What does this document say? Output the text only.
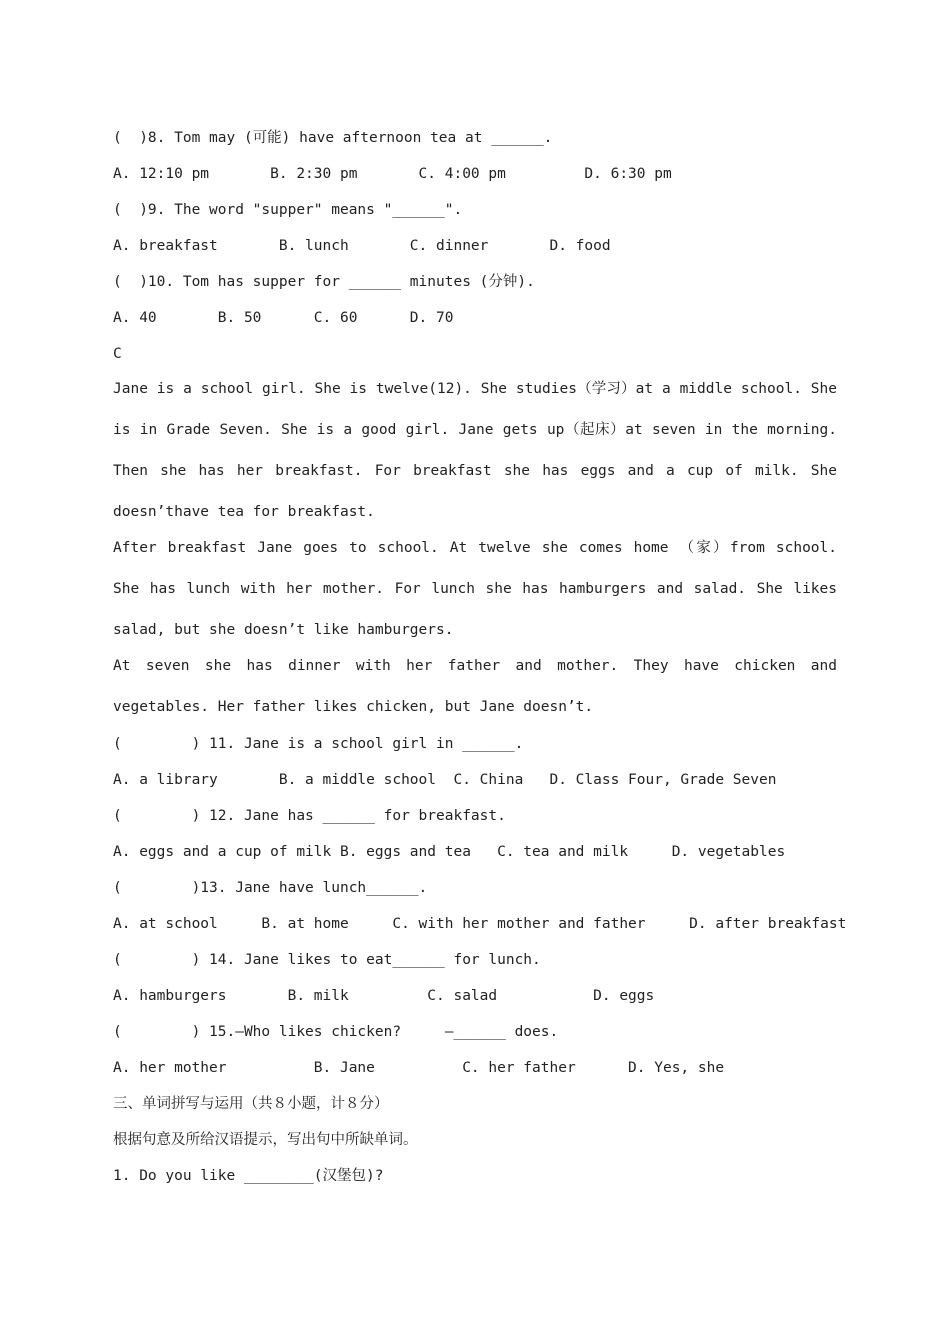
(  )8. Tom may (可能) have afternoon tea at ______.
A. 12:10 pm       B. 2:30 pm       C. 4:00 pm         D. 6:30 pm
(  )9. The word "supper" means "______".
A. breakfast       B. lunch       C. dinner       D. food
(  )10. Tom has supper for ______ minutes (分钟).
A. 40       B. 50      C. 60      D. 70
C
Jane is a school girl. She is twelve(12). She studies（学习）at a middle school. She is in Grade Seven. She is a good girl. Jane gets up（起床）at seven in the morning. Then she has her breakfast. For breakfast she has eggs and a cup of milk. She doesn’thave tea for breakfast.
After breakfast Jane goes to school. At twelve she comes home （家）from school. She has lunch with her mother. For lunch she has hamburgers and salad. She likes salad, but she doesn’t like hamburgers.
At seven she has dinner with her father and mother. They have chicken and vegetables. Her father likes chicken, but Jane doesn’t.
(        ) 11. Jane is a school girl in ______.
A. a library       B. a middle school  C. China   D. Class Four, Grade Seven
(        ) 12. Jane has ______ for breakfast.
A. eggs and a cup of milk B. eggs and tea   C. tea and milk     D. vegetables
(        )13. Jane have lunch______.
A. at school     B. at home     C. with her mother and father     D. after breakfast
(        ) 14. Jane likes to eat______ for lunch.
A. hamburgers       B. milk         C. salad           D. eggs
(        ) 15.—Who likes chicken?     —______ does.
A. her mother          B. Jane          C. her father      D. Yes, she
三、单词拼写与运用（共８小题，计８分）
根据句意及所给汉语提示，写出句中所缺单词。
1. Do you like ________(汉堡包)?
